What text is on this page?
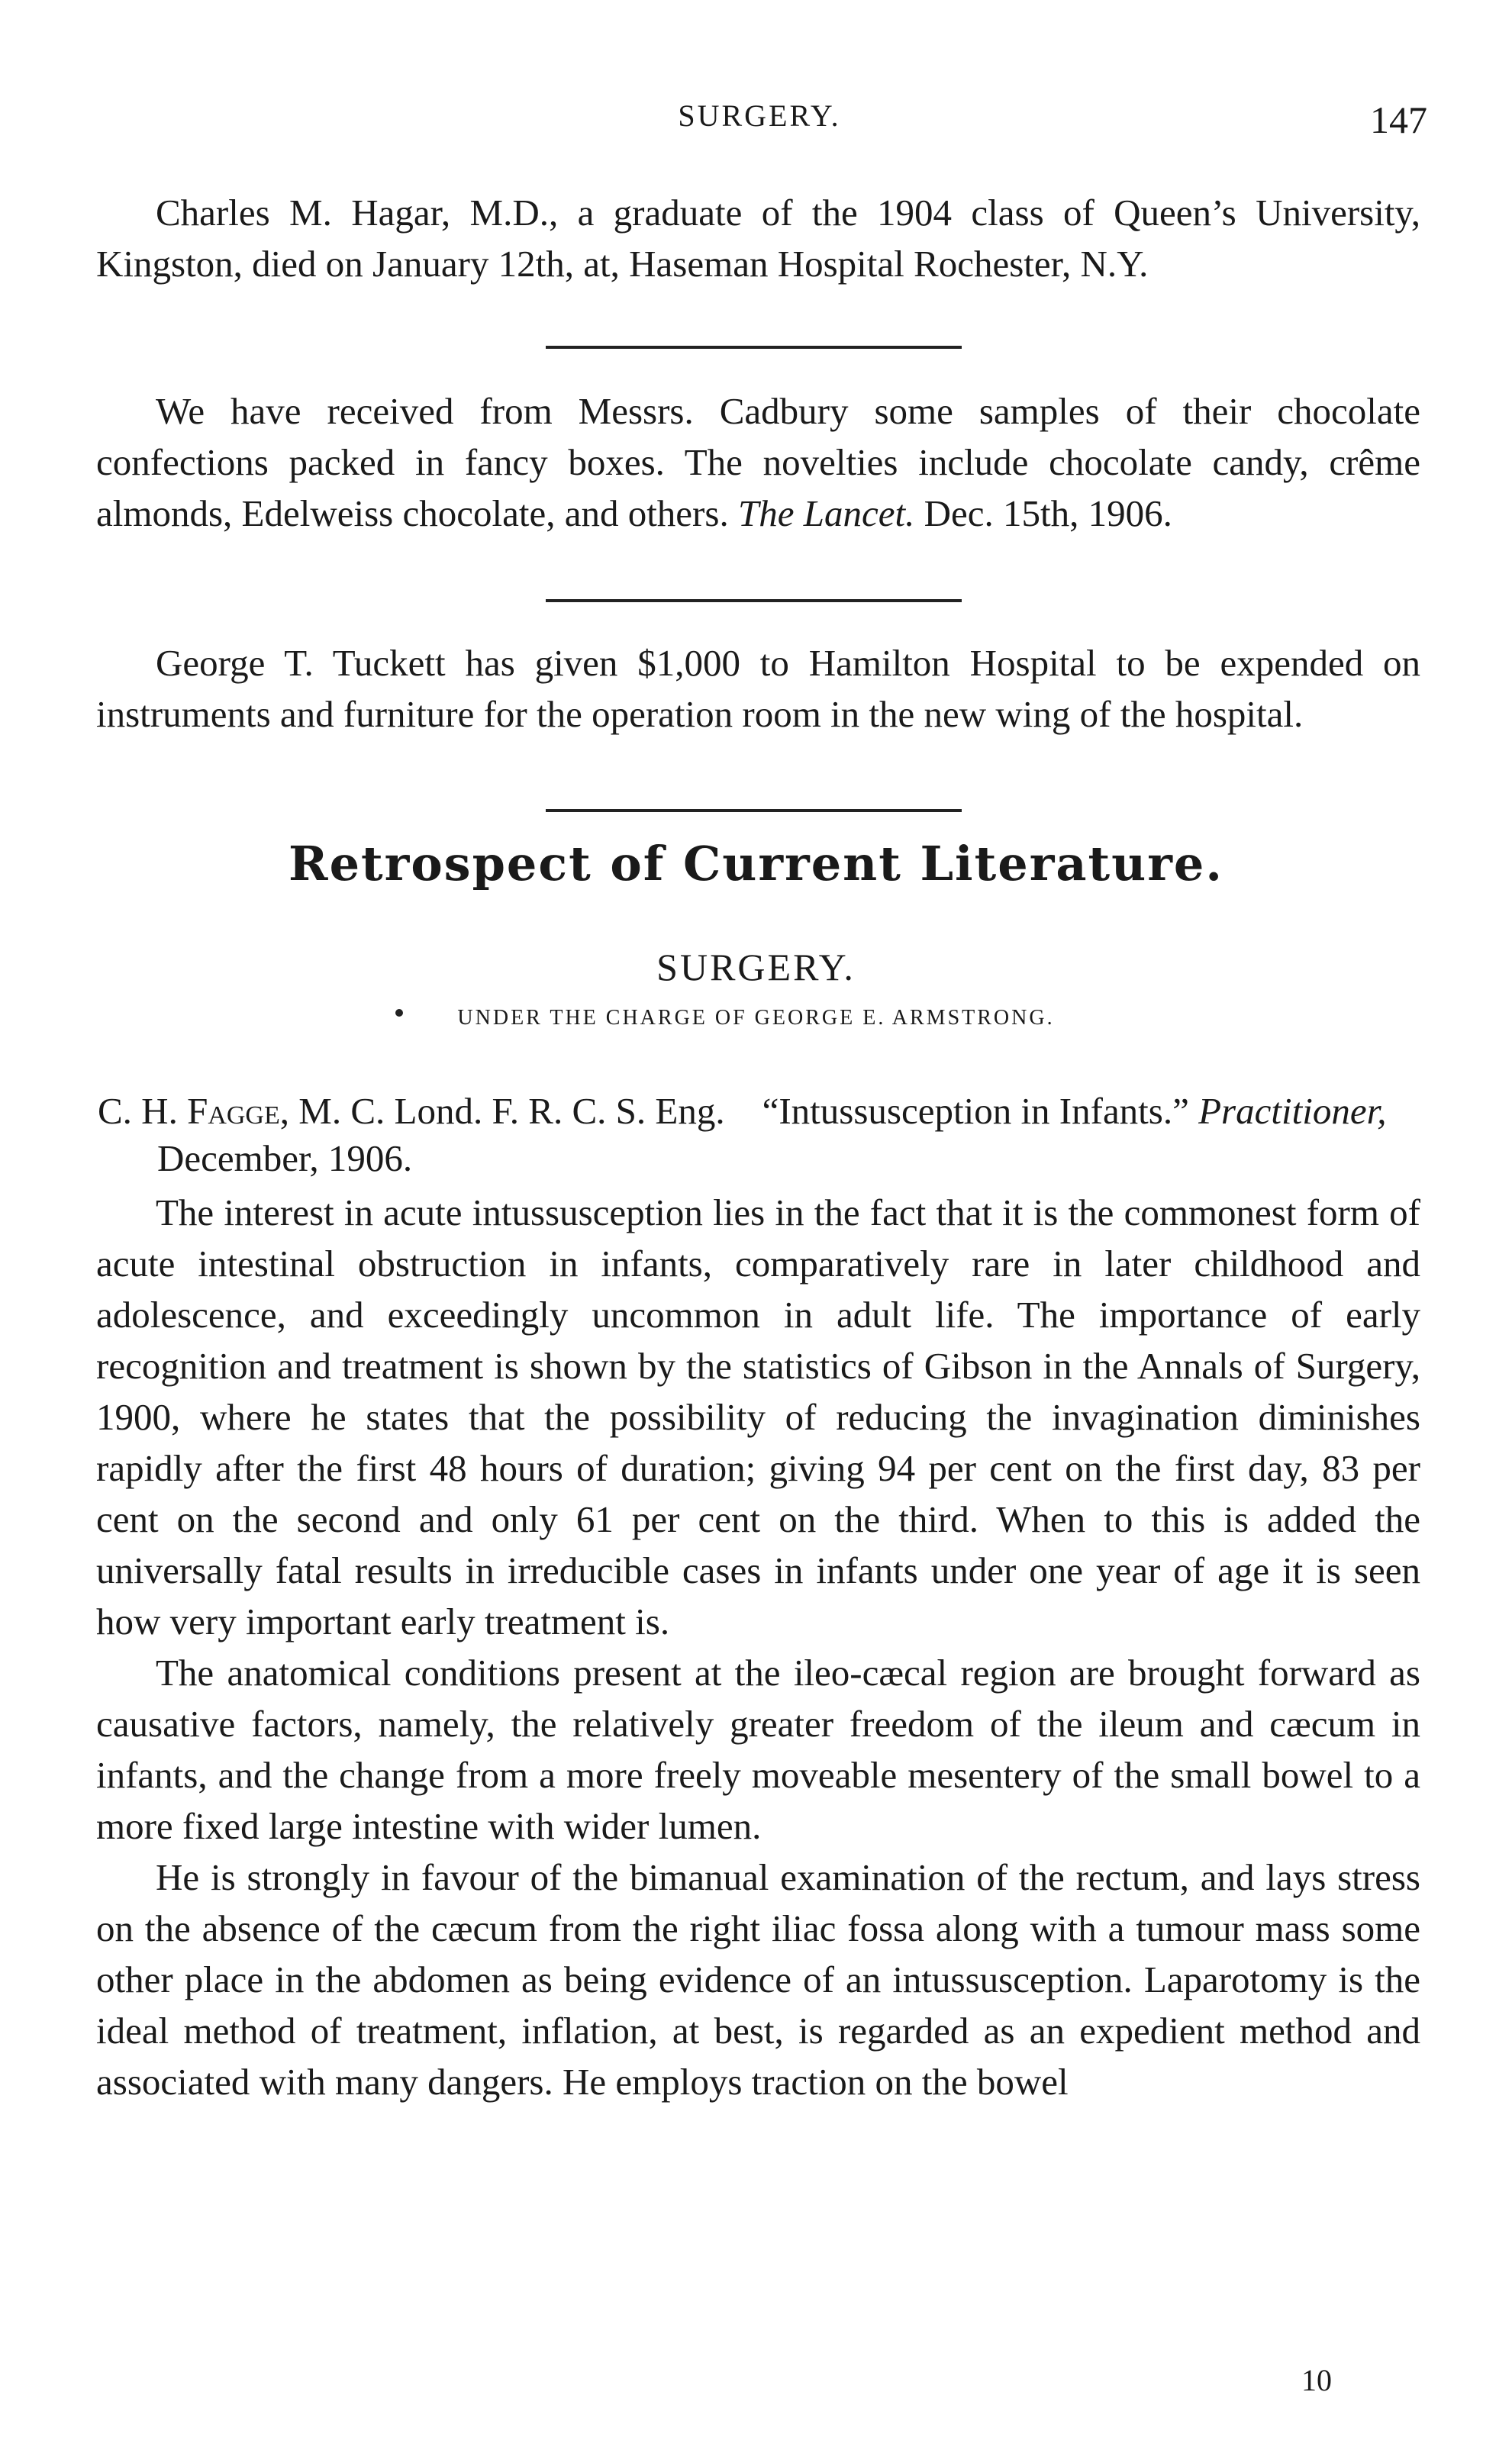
SURGERY.	147

Charles M. Hagar, M.D., a graduate of the 1904 class of Queen’s University, Kingston, died on January 12th, at, Haseman Hospital Rochester, N.Y.

We have received from Messrs. Cadbury some samples of their chocolate confections packed in fancy boxes. The novelties include chocolate candy, crême almonds, Edelweiss chocolate, and others. The Lancet. Dec. 15th, 1906.

George T. Tuckett has given $1,000 to Hamilton Hospital to be expended on instruments and furniture for the operation room in the new wing of the hospital.

Retrospect of Current Literature.
SURGERY.
UNDER THE CHARGE OF GEORGE E. ARMSTRONG.
C. H. Fagge, M. C. Lond. F. R. C. S. Eng. “Intussusception in Infants.” Practitioner, December, 1906.

The interest in acute intussusception lies in the fact that it is the commonest form of acute intestinal obstruction in infants, comparatively rare in later childhood and adolescence, and exceedingly uncommon in adult life. The importance of early recognition and treatment is shown by the statistics of Gibson in the Annals of Surgery, 1900, where he states that the possibility of reducing the invagination diminishes rapidly after the first 48 hours of duration; giving 94 per cent on the first day, 83 per cent on the second and only 61 per cent on the third. When to this is added the universally fatal results in irreducible cases in infants under one year of age it is seen how very important early treatment is.

The anatomical conditions present at the ileo-cæcal region are brought forward as causative factors, namely, the relatively greater freedom of the ileum and cæcum in infants, and the change from a more freely moveable mesentery of the small bowel to a more fixed large intestine with wider lumen.

He is strongly in favour of the bimanual examination of the rectum, and lays stress on the absence of the cæcum from the right iliac fossa along with a tumour mass some other place in the abdomen as being evidence of an intussusception. Laparotomy is the ideal method of treatment, inflation, at best, is regarded as an expedient method and associated with many dangers. He employs traction on the bowel

10
